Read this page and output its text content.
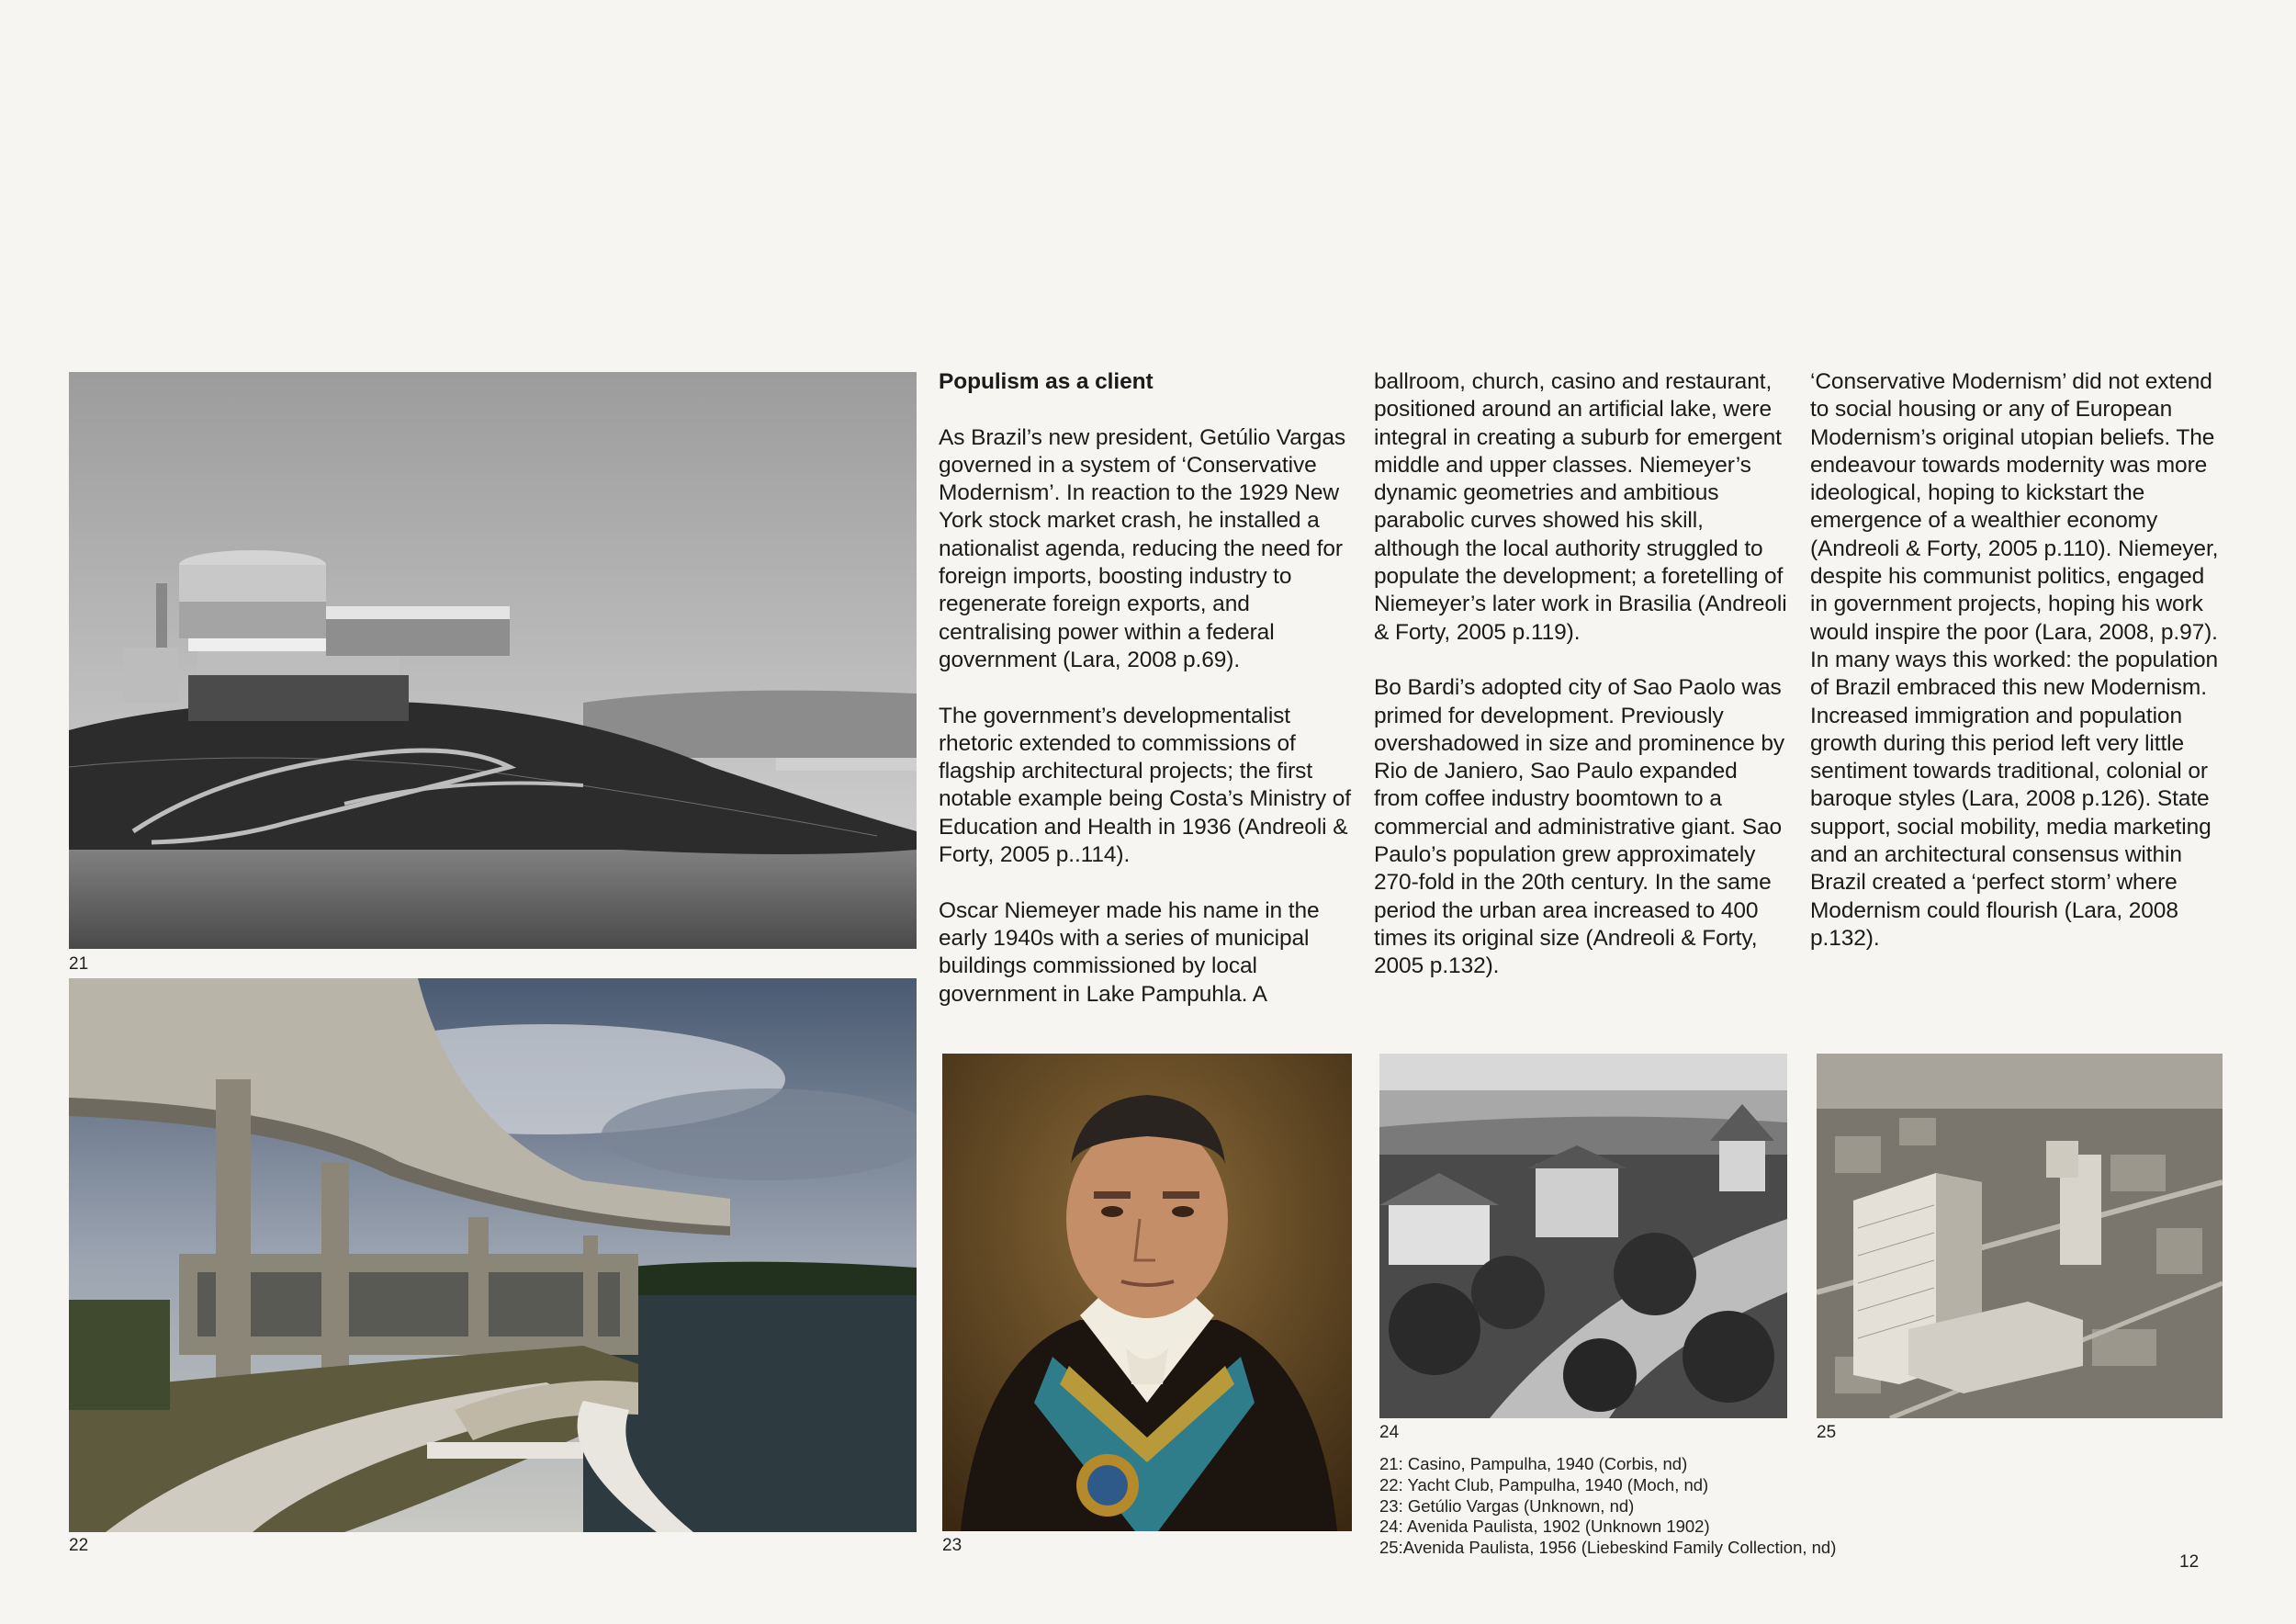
21
22
Populism as a client

As Brazil’s new president, Getúlio Vargas governed in a system of ‘Conservative Modernism’. In reaction to the 1929 New York stock market crash, he installed a nationalist agenda, reducing the need for foreign imports, boosting industry to regenerate foreign exports, and centralising power within a federal government (Lara, 2008 p.69).

The government’s developmentalist rhetoric extended to commissions of flagship architectural projects; the first notable example being Costa’s Ministry of Education and Health in 1936 (Andreoli & Forty, 2005 p..114).

Oscar Niemeyer made his name in the early 1940s with a series of municipal buildings commissioned by local government in Lake Pampuhla. A

ballroom, church, casino and restaurant, positioned around an artificial lake, were integral in creating a suburb for emergent middle and upper classes. Niemeyer’s dynamic geometries and ambitious parabolic curves showed his skill, although the local authority struggled to populate the development; a foretelling of Niemeyer’s later work in Brasilia (Andreoli & Forty, 2005 p.119).

Bo Bardi’s adopted city of Sao Paolo was primed for development. Previously overshadowed in size and prominence by Rio de Janiero, Sao Paulo expanded from coffee industry boomtown to a commercial and administrative giant. Sao Paulo’s population grew approximately 270-fold in the 20th century. In the same period the urban area increased to 400 times its original size (Andreoli & Forty, 2005 p.132).

‘Conservative Modernism’ did not extend to social housing or any of European Modernism’s original utopian beliefs. The endeavour towards modernity was more ideological, hoping to kickstart the emergence of a wealthier economy (Andreoli & Forty, 2005 p.110). Niemeyer, despite his communist politics, engaged in government projects, hoping his work would inspire the poor (Lara, 2008, p.97). In many ways this worked: the population of Brazil embraced this new Modernism. Increased immigration and population growth during this period left very little sentiment towards traditional, colonial or baroque styles (Lara, 2008 p.126). State support, social mobility, media marketing and an architectural consensus within Brazil created a ‘perfect storm’ where Modernism could flourish (Lara, 2008 p.132).

23
24	25
21: Casino, Pampulha, 1940 (Corbis, nd)
22: Yacht Club, Pampulha, 1940 (Moch, nd)
23: Getúlio Vargas (Unknown, nd)
24: Avenida Paulista, 1902 (Unknown 1902)
25:Avenida Paulista, 1956 (Liebeskind Family Collection, nd)
12
